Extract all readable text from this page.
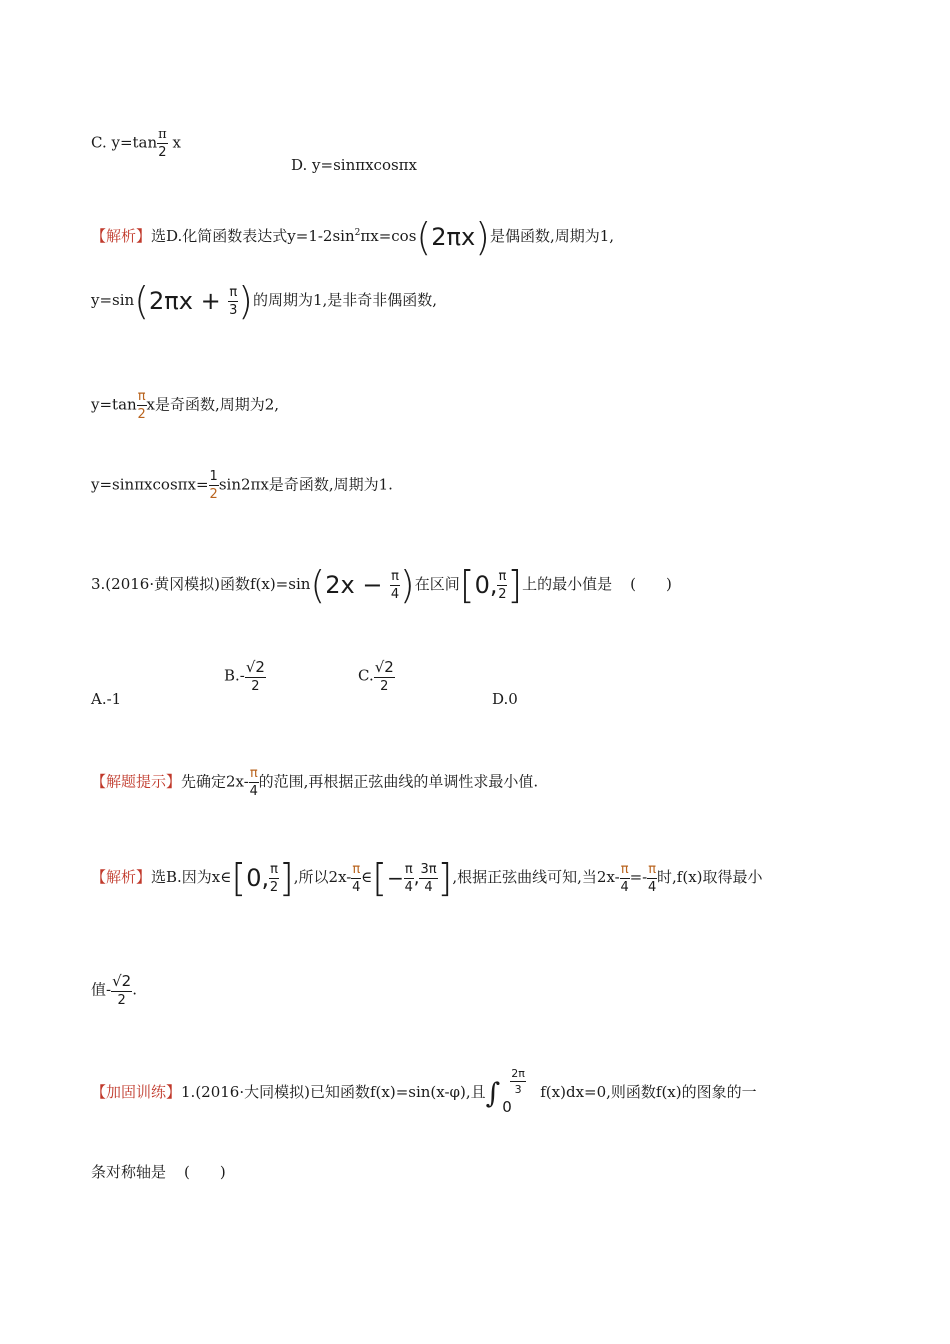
C. $y=\tan \frac{\pi}{2}$ x
D. y=sinπxcosπx
【解析】选D.化简函数表达式$y=1-2\sin^2\pi x=\cos(2\pi x)$是偶函数,周期为1,
$y=\sin(2\pi x + \frac{\pi}{3}$ )的周期为1,是非奇非偶函数,
$y=\tan \frac{\pi}{2}$ x是奇函数,周期为2,
$y=\sin\pi xcos\pi x= \frac{1}{2} \sin 2\pi x$是奇函数,周期为1.
3.(2016·黄冈模拟)函数$f(x)=\sin(2x - \frac{\pi}{4}$ )在区间[0, $\frac{\pi}{2}$ ]上的最小值是 (　　)
A.-1
$B.- \frac{√2}{2}$	C. $\frac{√2}{2}$
D.0
【解题提示】先确定$2x- \frac{\pi}{4}$ 的范围,再根据正弦曲线的单调性求最小值.
【解析】选B.因为x∈[0, $\frac{\pi}{2}$ ],所以$2x- \frac{\pi}{4}$ ∈[− $\frac{\pi}{4}$ , $\frac{3\pi}{4}$ ],根据正弦曲线可知,当$2x- \frac{\pi}{4} =- \frac{\pi}{4}$ 时,f(x)取得最小
值- $\frac{√2}{2}$ .
【加固训练】1.(2016·大同模拟)已知函数f(x)=sin(x-φ),且∫ $\frac{2\pi}{3}$
0
f(x)dx=0,则函数f(x)的图象的一
条对称轴是 (　　)
